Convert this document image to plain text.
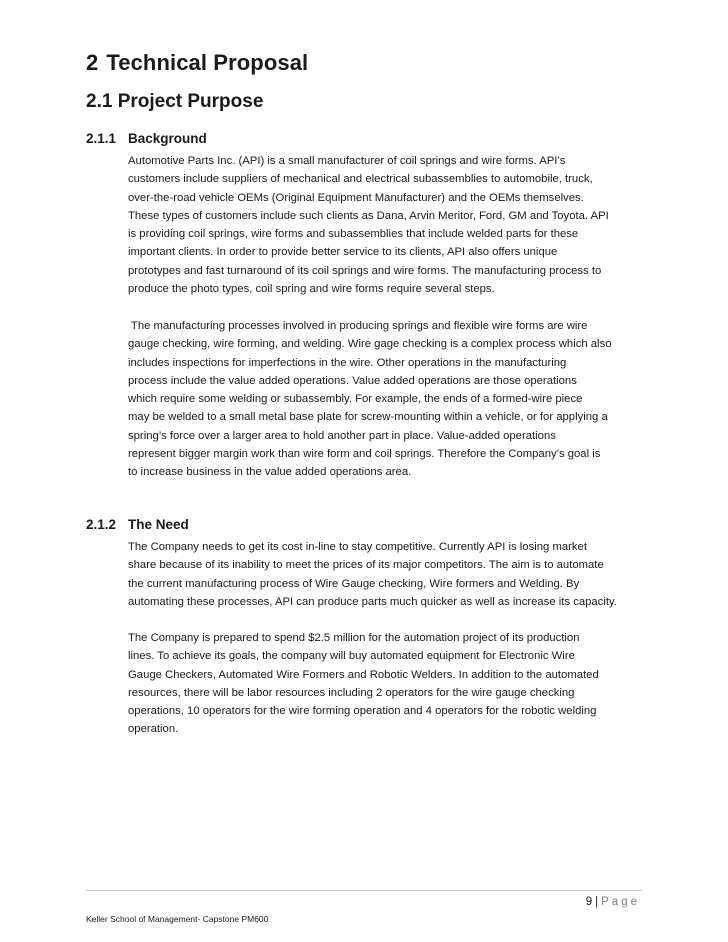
2 Technical Proposal
2.1 Project Purpose
2.1.1 Background
Automotive Parts Inc. (API) is a small manufacturer of coil springs and wire forms. API’s
customers include suppliers of mechanical and electrical subassemblies to automobile, truck,
over-the-road vehicle OEMs (Original Equipment Manufacturer) and the OEMs themselves.
These types of customers include such clients as Dana, Arvin Meritor, Ford, GM and Toyota. API
is providing coil springs, wire forms and subassemblies that include welded parts for these
important clients. In order to provide better service to its clients, API also offers unique
prototypes and fast turnaround of its coil springs and wire forms. The manufacturing process to
produce the photo types, coil spring and wire forms require several steps.
The manufacturing processes involved in producing springs and flexible wire forms are wire
gauge checking, wire forming, and welding. Wire gage checking is a complex process which also
includes inspections for imperfections in the wire. Other operations in the manufacturing
process include the value added operations. Value added operations are those operations
which require some welding or subassembly. For example, the ends of a formed-wire piece
may be welded to a small metal base plate for screw-mounting within a vehicle, or for applying a
spring’s force over a larger area to hold another part in place. Value-added operations
represent bigger margin work than wire form and coil springs. Therefore the Company’s goal is
to increase business in the value added operations area.
2.1.2 The Need
The Company needs to get its cost in-line to stay competitive. Currently API is losing market
share because of its inability to meet the prices of its major competitors. The aim is to automate
the current manufacturing process of Wire Gauge checking, Wire formers and Welding. By
automating these processes, API can produce parts much quicker as well as increase its capacity.
The Company is prepared to spend $2.5 million for the automation project of its production
lines. To achieve its goals, the company will buy automated equipment for Electronic Wire
Gauge Checkers, Automated Wire Formers and Robotic Welders. In addition to the automated
resources, there will be labor resources including 2 operators for the wire gauge checking
operations, 10 operators for the wire forming operation and 4 operators for the robotic welding
operation.
9 | Page
Keller School of Management- Capstone PM600
